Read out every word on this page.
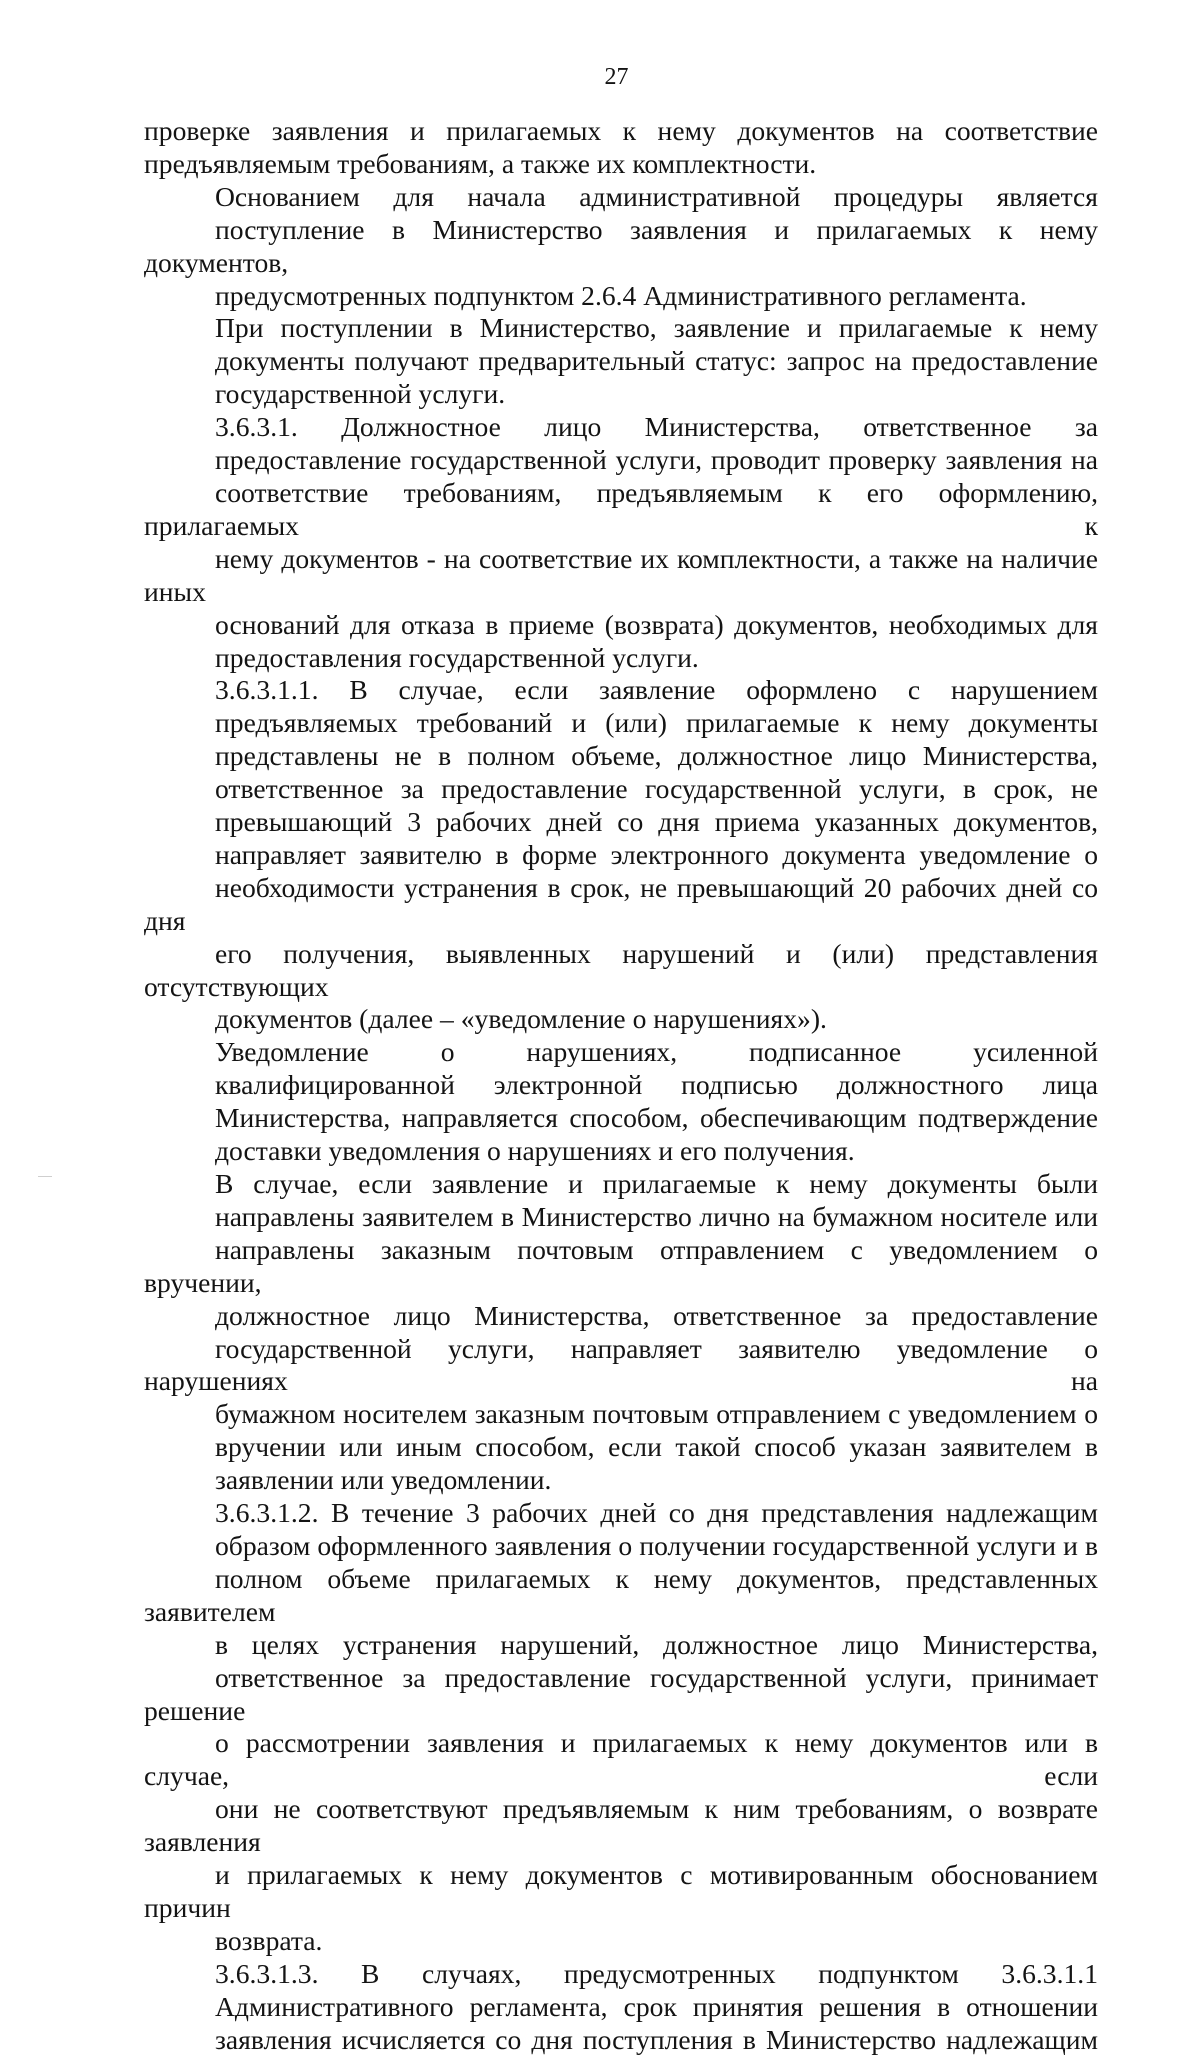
27

проверке заявления и прилагаемых к нему документов на соответствие
предъявляемым требованиям, а также их комплектности.

Основанием для начала административной процедуры является
поступление в Министерство заявления и прилагаемых к нему документов,
предусмотренных подпунктом 2.6.4 Административного регламента.

При поступлении в Министерство, заявление и прилагаемые к нему
документы получают предварительный статус: запрос на предоставление
государственной услуги.

3.6.3.1. Должностное лицо Министерства, ответственное за
предоставление государственной услуги, проводит проверку заявления на
соответствие требованиям, предъявляемым к его оформлению, прилагаемых к
нему документов - на соответствие их комплектности, а также на наличие иных
оснований для отказа в приеме (возврата) документов, необходимых для
предоставления государственной услуги.

3.6.3.1.1. В случае, если заявление оформлено с нарушением
предъявляемых требований и (или) прилагаемые к нему документы
представлены не в полном объеме, должностное лицо Министерства,
ответственное за предоставление государственной услуги, в срок, не
превышающий 3 рабочих дней со дня приема указанных документов,
направляет заявителю в форме электронного документа уведомление о
необходимости устранения в срок, не превышающий 20 рабочих дней со дня
его получения, выявленных нарушений и (или) представления отсутствующих
документов (далее – «уведомление о нарушениях»).

Уведомление о нарушениях, подписанное усиленной
квалифицированной электронной подписью должностного лица
Министерства, направляется способом, обеспечивающим подтверждение
доставки уведомления о нарушениях и его получения.

В случае, если заявление и прилагаемые к нему документы были
направлены заявителем в Министерство лично на бумажном носителе или
направлены заказным почтовым отправлением с уведомлением о вручении,
должностное лицо Министерства, ответственное за предоставление
государственной услуги, направляет заявителю уведомление о нарушениях на
бумажном носителем заказным почтовым отправлением с уведомлением о
вручении или иным способом, если такой способ указан заявителем в
заявлении или уведомлении.

3.6.3.1.2. В течение 3 рабочих дней со дня представления надлежащим
образом оформленного заявления о получении государственной услуги и в
полном объеме прилагаемых к нему документов, представленных заявителем
в целях устранения нарушений, должностное лицо Министерства,
ответственное за предоставление государственной услуги, принимает решение
о рассмотрении заявления и прилагаемых к нему документов или в случае, если
они не соответствуют предъявляемым к ним требованиям, о возврате заявления
и прилагаемых к нему документов с мотивированным обоснованием причин
возврата.

3.6.3.1.3. В случаях, предусмотренных подпунктом 3.6.3.1.1
Административного регламента, срок принятия решения в отношении
заявления исчисляется со дня поступления в Министерство надлежащим
